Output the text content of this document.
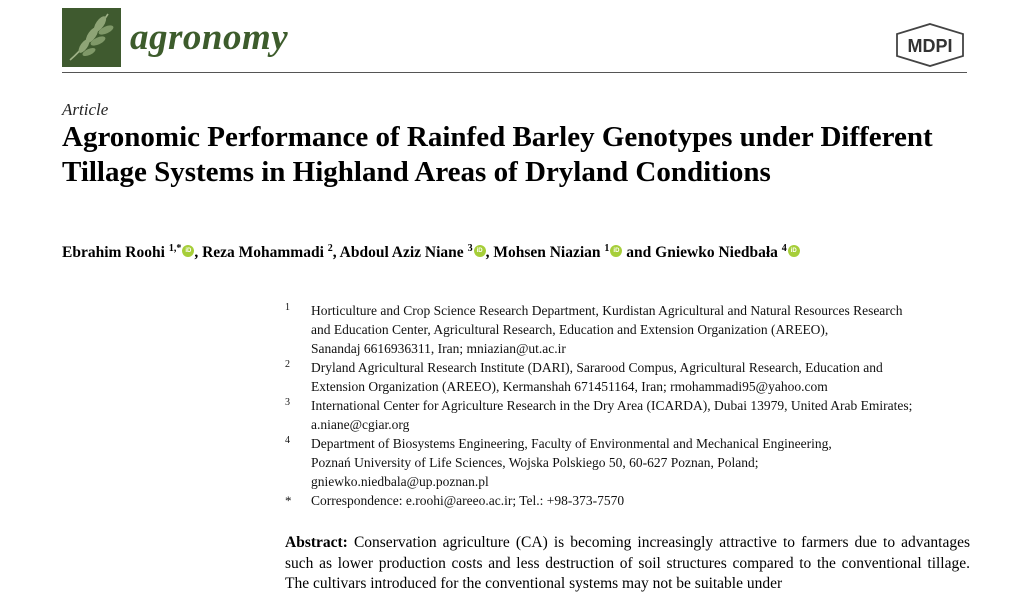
agronomy	MDPI
Article
Agronomic Performance of Rainfed Barley Genotypes under Different Tillage Systems in Highland Areas of Dryland Conditions
Ebrahim Roohi $^{1,*}$ iD , Reza Mohammadi $^2$, Abdoul Aziz Niane $^3$ iD , Mohsen Niazian $^1$ iD and Gniewko Niedbała $^4$ iD
1 Horticulture and Crop Science Research Department, Kurdistan Agricultural and Natural Resources Research
and Education Center, Agricultural Research, Education and Extension Organization (AREEO),
Sanandaj 6616936311, Iran; mniazian@ut.ac.ir
2 Dryland Agricultural Research Institute (DARI), Sararood Compus, Agricultural Research, Education and
Extension Organization (AREEO), Kermanshah 671451164, Iran; rmohammadi95@yahoo.com
3 International Center for Agriculture Research in the Dry Area (ICARDA), Dubai 13979, United Arab Emirates;
a.niane@cgiar.org
4 Department of Biosystems Engineering, Faculty of Environmental and Mechanical Engineering,
Poznań University of Life Sciences, Wojska Polskiego 50, 60-627 Poznan, Poland;
gniewko.niedbala@up.poznan.pl
* Correspondence: e.roohi@areeo.ac.ir; Tel.: +98-373-7570
Abstract: Conservation agriculture (CA) is becoming increasingly attractive to farmers due to advantages such as lower production costs and less destruction of soil structures compared to the conventional tillage. The cultivars introduced for the conventional systems may not be suitable under
